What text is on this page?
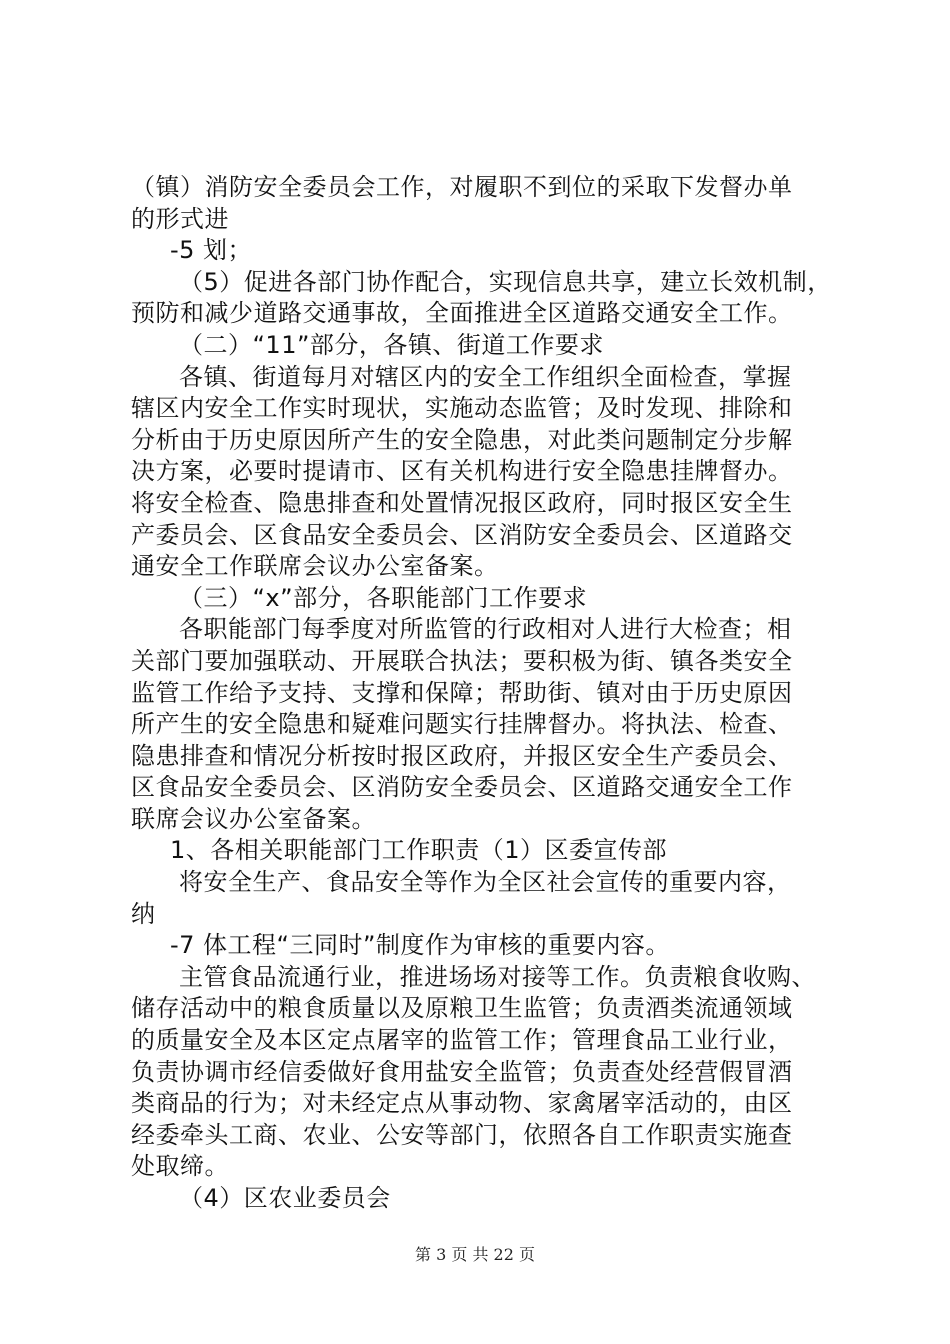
（镇）消防安全委员会工作，对履职不到位的采取下发督办单
的形式进
-5 划；
（5）促进各部门协作配合，实现信息共享，建立长效机制，
预防和减少道路交通事故，全面推进全区道路交通安全工作。
（二）“11”部分，各镇、街道工作要求
各镇、街道每月对辖区内的安全工作组织全面检查，掌握
辖区内安全工作实时现状，实施动态监管；及时发现、排除和
分析由于历史原因所产生的安全隐患，对此类问题制定分步解
决方案，必要时提请市、区有关机构进行安全隐患挂牌督办。
将安全检查、隐患排查和处置情况报区政府，同时报区安全生
产委员会、区食品安全委员会、区消防安全委员会、区道路交
通安全工作联席会议办公室备案。
（三）“x”部分，各职能部门工作要求
各职能部门每季度对所监管的行政相对人进行大检查；相
关部门要加强联动、开展联合执法；要积极为街、镇各类安全
监管工作给予支持、支撑和保障；帮助街、镇对由于历史原因
所产生的安全隐患和疑难问题实行挂牌督办。将执法、检查、
隐患排查和情况分析按时报区政府，并报区安全生产委员会、
区食品安全委员会、区消防安全委员会、区道路交通安全工作
联席会议办公室备案。
1、各相关职能部门工作职责（1）区委宣传部
将安全生产、食品安全等作为全区社会宣传的重要内容，
纳
-7 体工程“三同时”制度作为审核的重要内容。
主管食品流通行业，推进场场对接等工作。负责粮食收购、
储存活动中的粮食质量以及原粮卫生监管；负责酒类流通领域
的质量安全及本区定点屠宰的监管工作；管理食品工业行业，
负责协调市经信委做好食用盐安全监管；负责查处经营假冒酒
类商品的行为；对未经定点从事动物、家禽屠宰活动的，由区
经委牵头工商、农业、公安等部门，依照各自工作职责实施查
处取缔。
（4）区农业委员会
第 3 页 共 22 页
